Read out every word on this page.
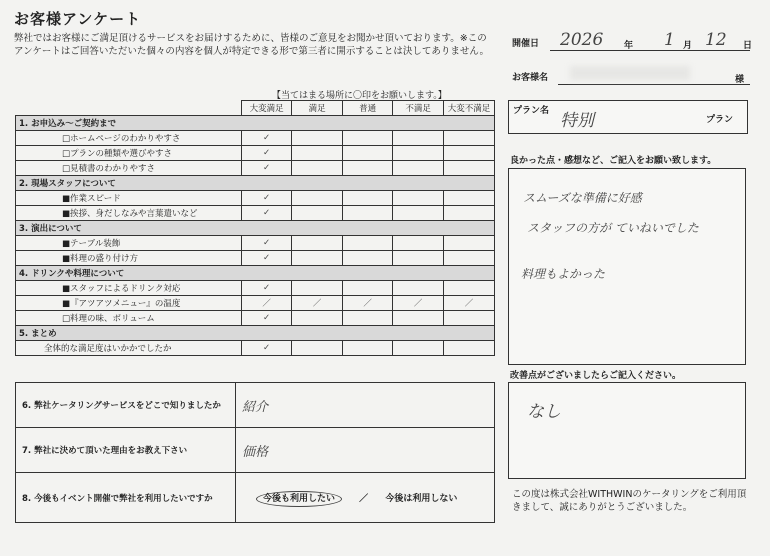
お客様アンケート
弊社ではお客様にご満足頂けるサービスをお届けするために、皆様のご意見をお聞かせ頂いております。※このアンケートはご回答いただいた個々の内容を個人が特定できる形で第三者に開示することは決してありません。
【当てはまる場所に〇印をお願いします。】
	大変満足	満足	普通	不満足	大変不満足
1. お申込み～ご契約まで					
□ホームページのわかりやすさ	✓				
□プランの種類や選びやすさ	✓				
□見積書のわかりやすさ	✓				
2. 現場スタッフについて					
■作業スピード	✓				
■挨拶、身だしなみや言葉遣いなど	✓				
3. 演出について					
■テーブル装飾	✓				
■料理の盛り付け方	✓				
4. ドリンクや料理について					
■スタッフによるドリンク対応	✓				
■『アツアツメニュー』の温度	／	／	／	／	／
□料理の味、ボリューム	✓				
5. まとめ					
全体的な満足度はいかかでしたか	✓				
6. 弊社ケータリングサービスをどこで知りましたか	紹介
7. 弊社に決めて頂いた理由をお教え下さい	価格
8. 今後もイベント開催で弊社を利用したいですか	今後も利用したい ／ 今後は利用しない
開催日 2026 年 1 月 12 日
お客様名	様
プラン名 特別	プラン
良かった点・感想など、ご記入をお願い致します。
スムーズな準備に好感
スタッフの方が ていねいでした
料理もよかった
改善点がございましたらご記入ください。
なし
この度は株式会社WITHWINのケータリングをご利用頂きまして、誠にありがとうございました。
